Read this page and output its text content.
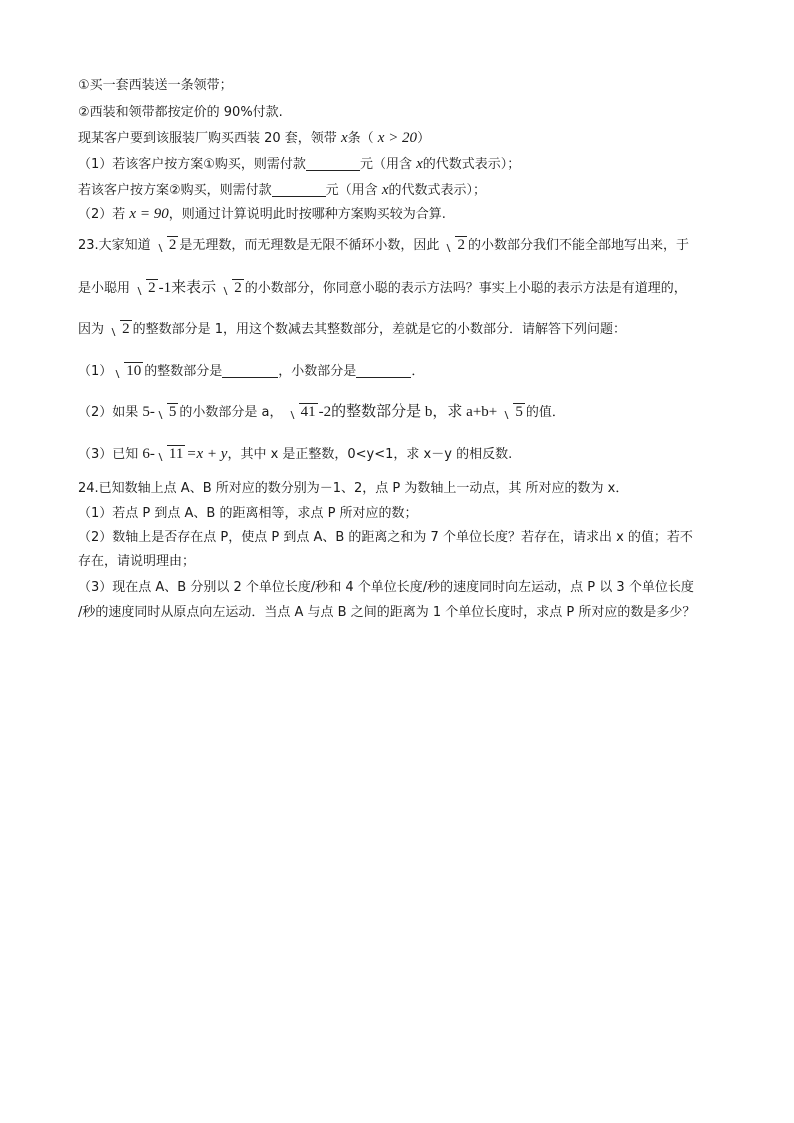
①买一套西装送一条领带；
②西装和领带都按定价的 90%付款.
现某客户要到该服装厂购买西装 20 套，领带 x条（ x > 20）
（1）若该客户按方案①购买，则需付款	元（用含 x的代数式表示）；
若该客户按方案②购买，则需付款	元（用含 x的代数式表示）；
（2）若 x = 90，则通过计算说明此时按哪种方案购买较为合算.
23.大家知道 2 是无理数，而无理数是无限不循环小数，因此 2 的小数部分我们不能全部地写出来，于
是小聪用 2 -1来表示 2 的小数部分，你同意小聪的表示方法吗？事实上小聪的表示方法是有道理的，
因为 2 的整数部分是 1，用这个数减去其整数部分，差就是它的小数部分．请解答下列问题：
（1） 10 的整数部分是	，小数部分是	．
（2）如果 5- 5 的小数部分是 a， 41 -2的整数部分是 b，求 a+b+ 5 的值．
（3）已知 6- 11 =x + y，其中 x 是正整数，0<y<1，求 x－y 的相反数.
24.已知数轴上点 A、B 所对应的数分别为－1、2，点 P 为数轴上一动点，其 所对应的数为 x．
（1）若点 P 到点 A、B 的距离相等，求点 P 所对应的数；
（2）数轴上是否存在点 P，使点 P 到点 A、B 的距离之和为 7 个单位长度？若存在，请求出 x 的值；若不
存在，请说明理由；
（3）现在点 A、B 分别以 2 个单位长度/秒和 4 个单位长度/秒的速度同时向左运动，点 P 以 3 个单位长度
/秒的速度同时从原点向左运动．当点 A 与点 B 之间的距离为 1 个单位长度时，求点 P 所对应的数是多少？
